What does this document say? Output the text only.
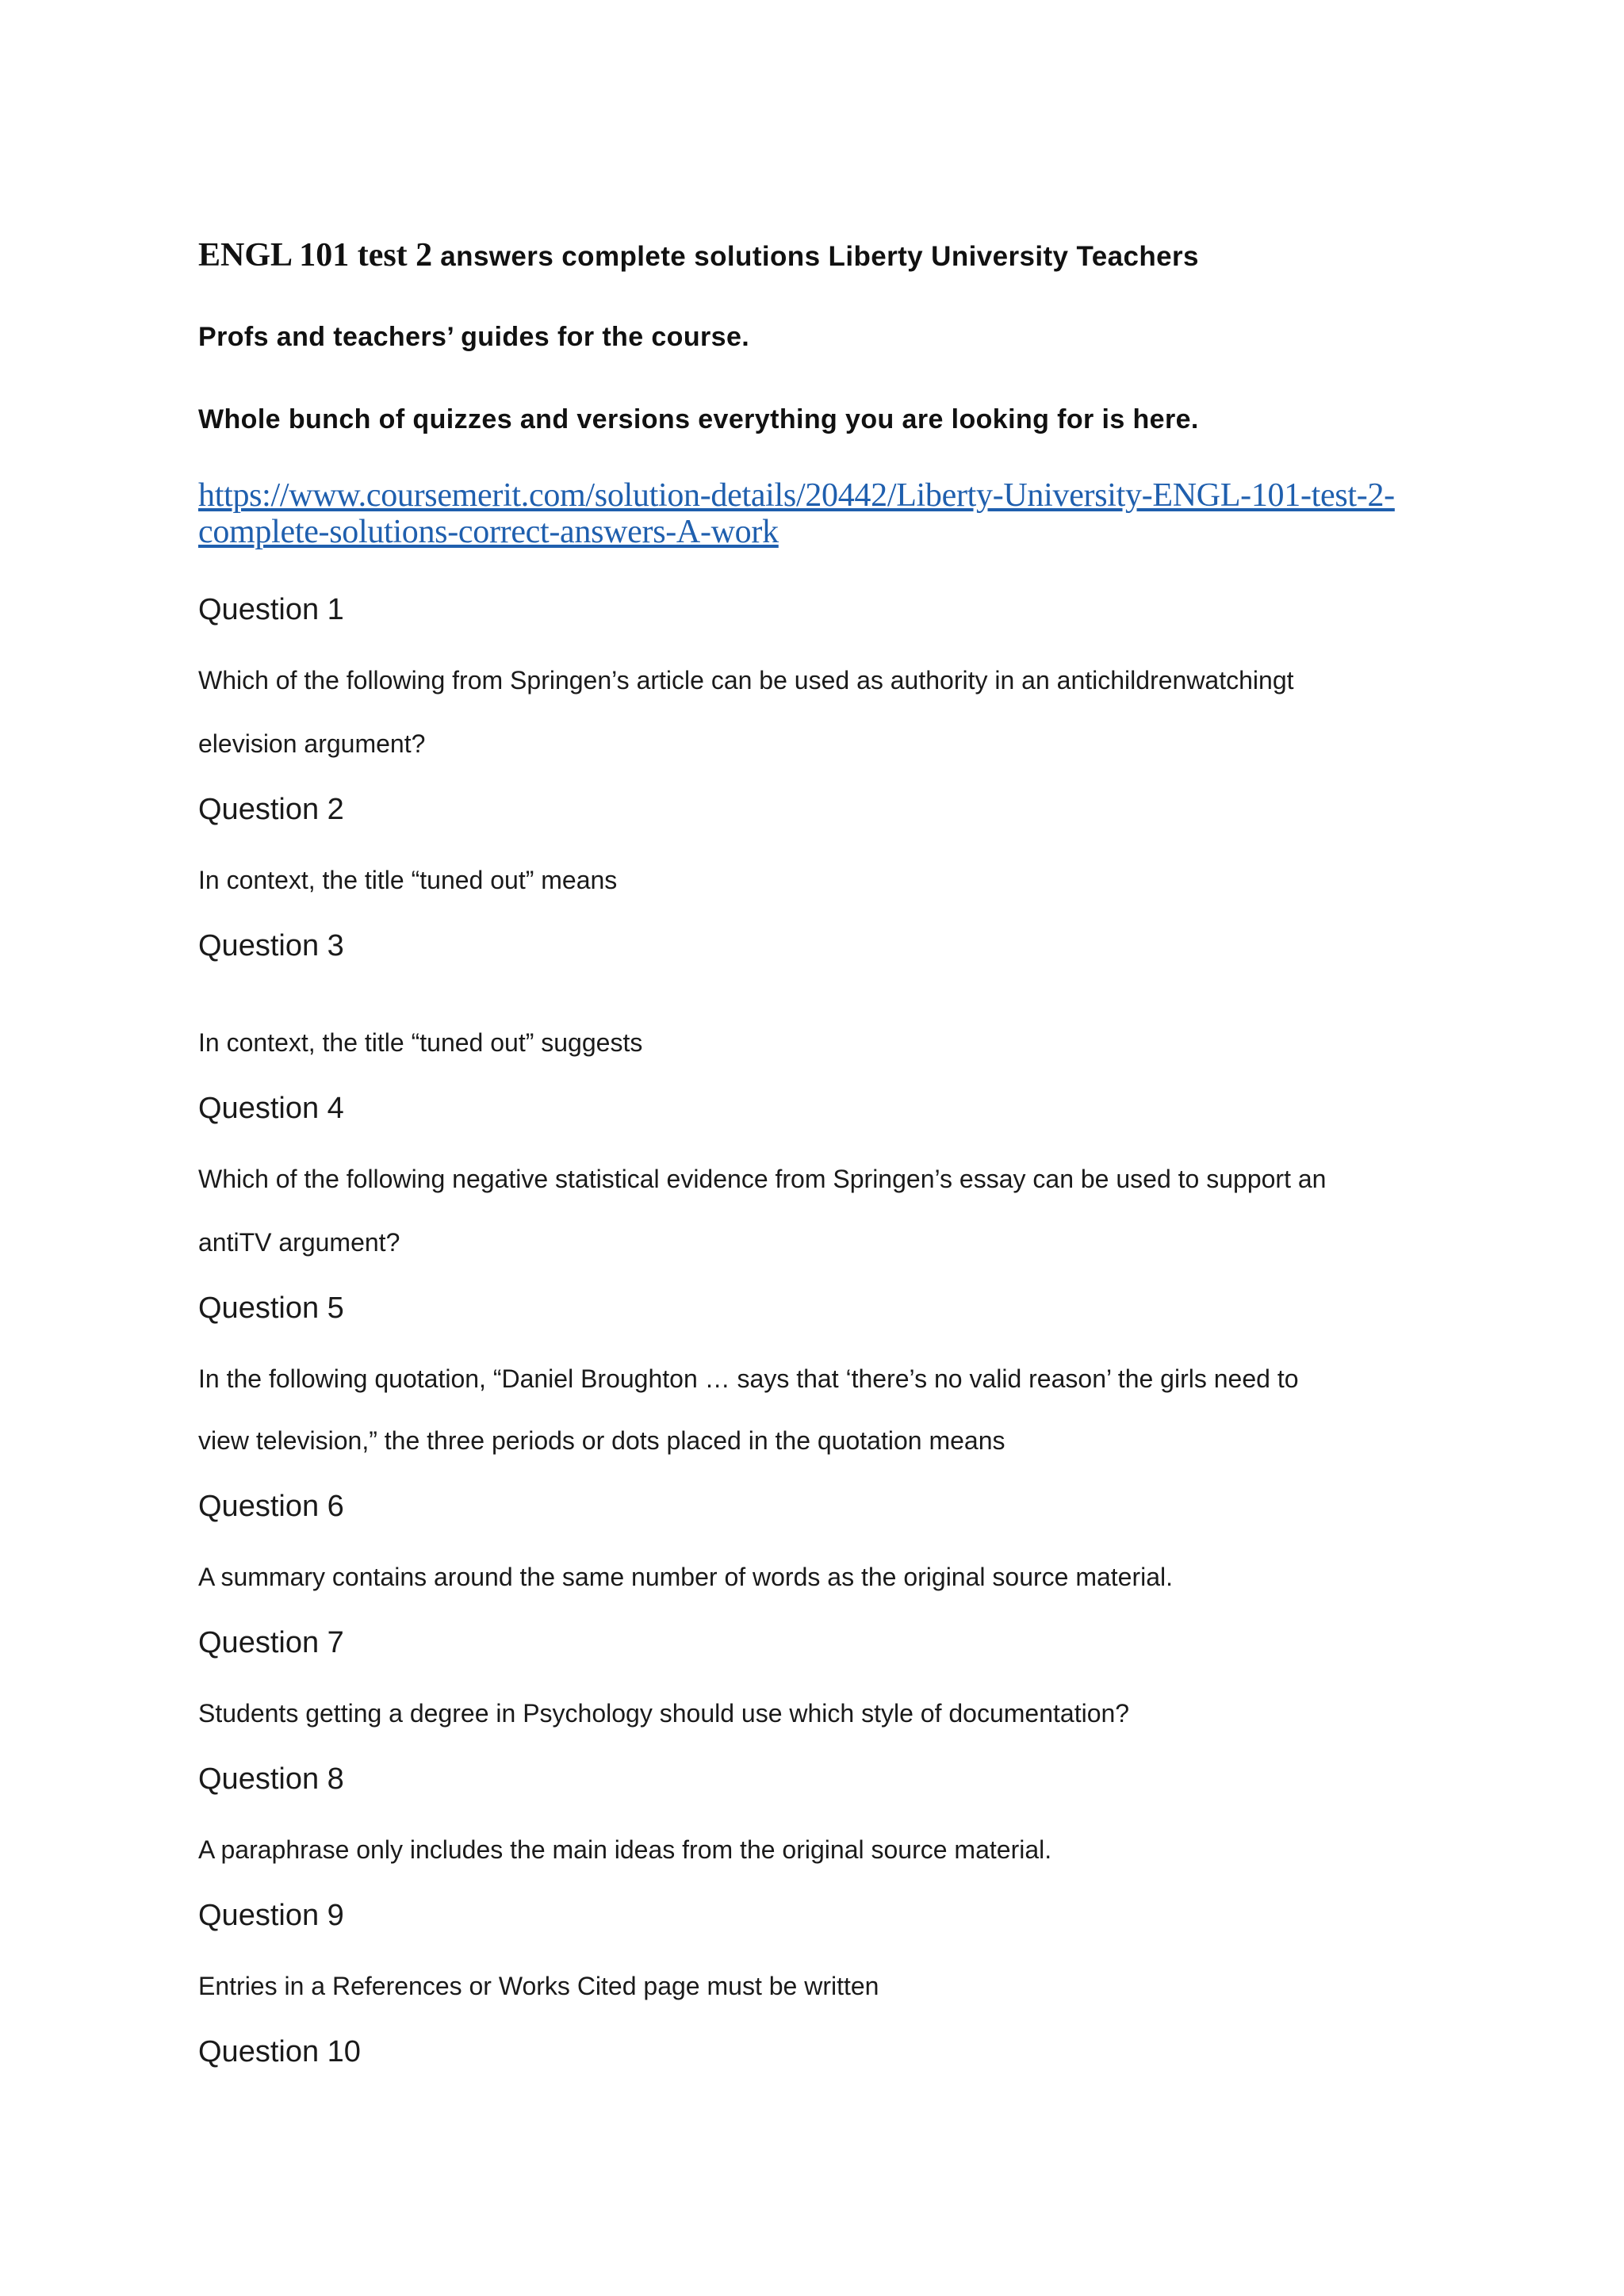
ENGL 101 test 2 answers complete solutions Liberty University Teachers

Profs and teachers’ guides for the course.

Whole bunch of quizzes and versions everything you are looking for is here.

https://www.coursemerit.com/solution-details/20442/Liberty-University-ENGL-101-test-2-
complete-solutions-correct-answers-A-work

Question 1

Which of the following from Springen’s article can be used as authority in an antichildrenwatchingt

elevision argument?

Question 2

In context, the title “tuned out” means

Question 3

In context, the title “tuned out” suggests

Question 4

Which of the following negative statistical evidence from Springen’s essay can be used to support an

antiTV argument?

Question 5

In the following quotation, “Daniel Broughton … says that ‘there’s no valid reason’ the girls need to

view television,” the three periods or dots placed in the quotation means

Question 6

A summary contains around the same number of words as the original source material.

Question 7

Students getting a degree in Psychology should use which style of documentation?

Question 8

A paraphrase only includes the main ideas from the original source material.

Question 9

Entries in a References or Works Cited page must be written

Question 10
